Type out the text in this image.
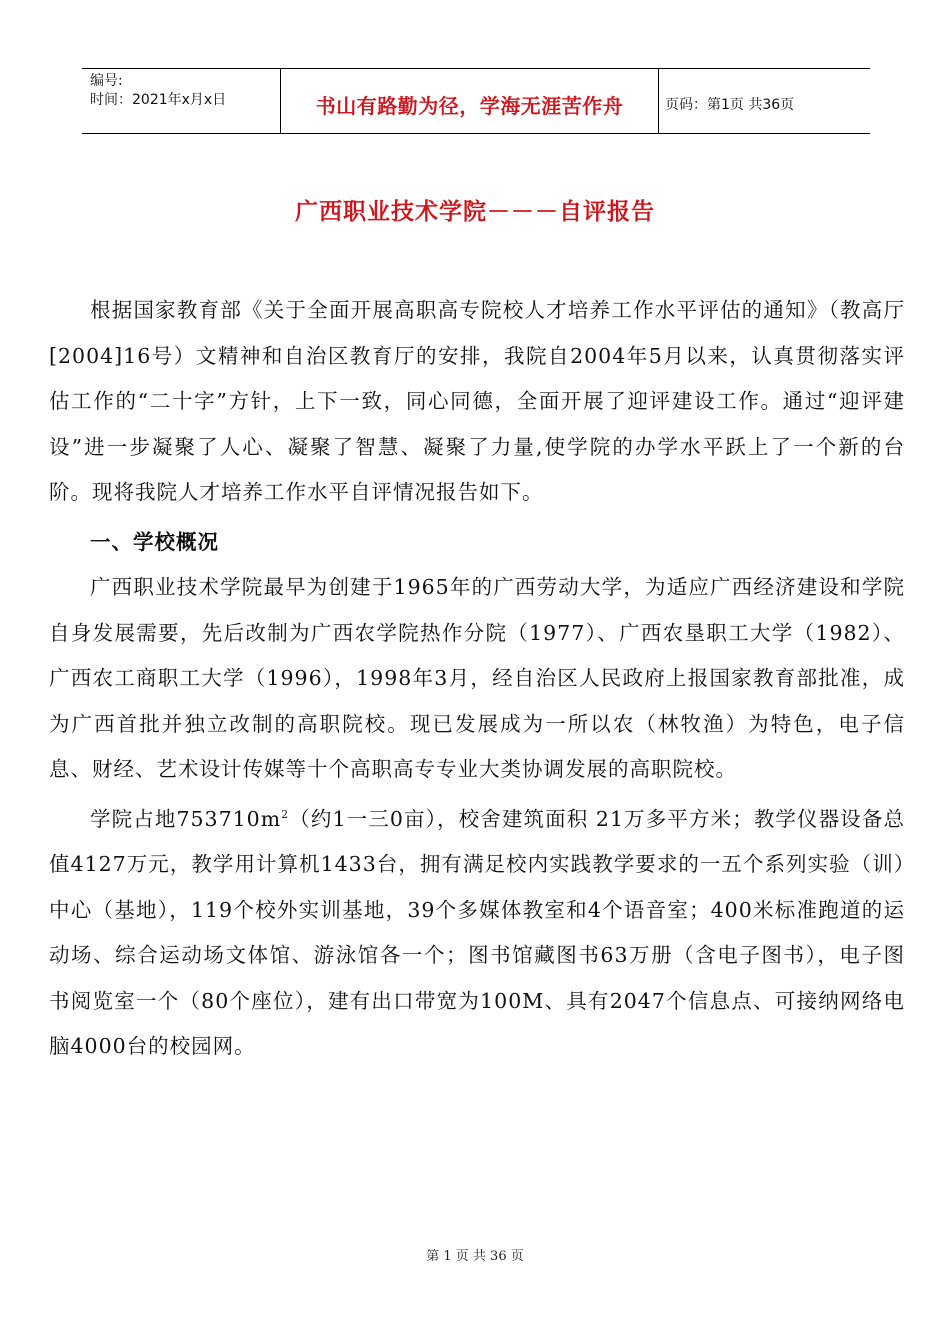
编号:
时间：2021年x月x日	书山有路勤为径，学海无涯苦作舟	页码：第1页 共36页
广西职业技术学院－－－自评报告

根据国家教育部《关于全面开展高职高专院校人才培养工作水平评估的通知》（教高厅[2004]16号）文精神和自治区教育厅的安排，我院自2004年5月以来，认真贯彻落实评估工作的“二十字”方针，上下一致，同心同德，全面开展了迎评建设工作。通过“迎评建设”进一步凝聚了人心、凝聚了智慧、凝聚了力量,使学院的办学水平跃上了一个新的台阶。现将我院人才培养工作水平自评情况报告如下。

一、学校概况

广西职业技术学院最早为创建于1965年的广西劳动大学，为适应广西经济建设和学院自身发展需要，先后改制为广西农学院热作分院（1977）、广西农垦职工大学（1982）、广西农工商职工大学（1996），1998年3月，经自治区人民政府上报国家教育部批准，成为广西首批并独立改制的高职院校。现已发展成为一所以农（林牧渔）为特色，电子信息、财经、艺术设计传媒等十个高职高专专业大类协调发展的高职院校。

学院占地$753710m^2$（约1一三0亩），校舍建筑面积 21万多平方米；教学仪器设备总值4127万元，教学用计算机1433台，拥有满足校内实践教学要求的一五个系列实验（训）中心（基地），119个校外实训基地，39个多媒体教室和4个语音室；400米标准跑道的运动场、综合运动场文体馆、游泳馆各一个；图书馆藏图书63万册（含电子图书），电子图书阅览室一个（80个座位），建有出口带宽为100M、具有2047个信息点、可接纳网络电脑4000台的校园网。

第 1 页 共 36 页
